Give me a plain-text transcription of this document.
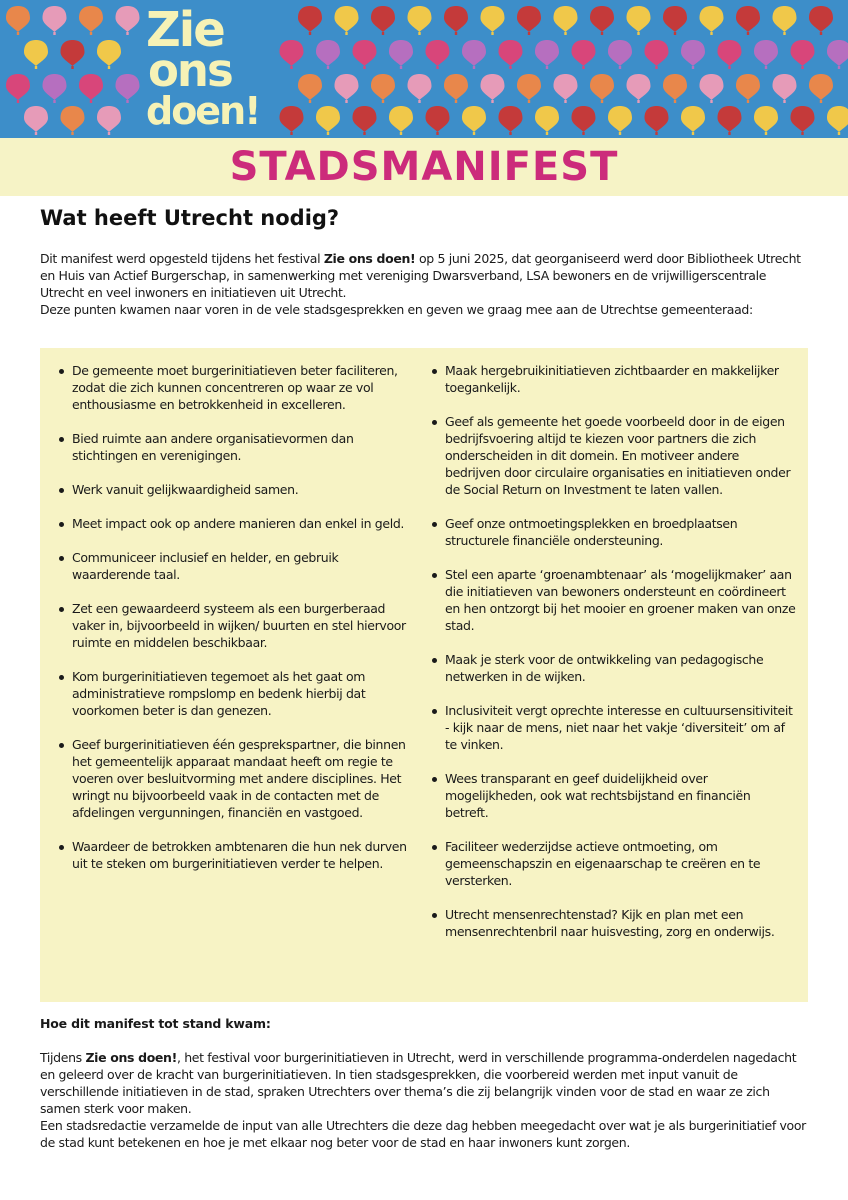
Zie
ons
doen!
STADSMANIFEST
Wat heeft Utrecht nodig?

Dit manifest werd opgesteld tijdens het festival Zie ons doen! op 5 juni 2025, dat georganiseerd werd door Bibliotheek Utrecht en Huis van Actief Burgerschap, in samenwerking met vereniging Dwarsverband, LSA bewoners en de vrijwilligerscentrale Utrecht en veel inwoners en initiatieven uit Utrecht.

Deze punten kwamen naar voren in de vele stadsgesprekken en geven we graag mee aan de Utrechtse gemeenteraad:

De gemeente moet burgerinitiatieven beter faciliteren, zodat die zich kunnen concentreren op waar ze vol enthousiasme en betrokkenheid in excelleren.
Bied ruimte aan andere organisatievormen dan stichtingen en verenigingen.
Werk vanuit gelijkwaardigheid samen.
Meet impact ook op andere manieren dan enkel in geld.
Communiceer inclusief en helder, en gebruik waarderende taal.
Zet een gewaardeerd systeem als een burgerberaad vaker in, bijvoorbeeld in wijken/ buurten en stel hiervoor ruimte en middelen beschikbaar.
Kom burgerinitiatieven tegemoet als het gaat om administratieve rompslomp en bedenk hierbij dat voorkomen beter is dan genezen.
Geef burgerinitiatieven één gesprekspartner, die binnen het gemeentelijk apparaat mandaat heeft om regie te voeren over besluitvorming met andere disciplines. Het wringt nu bijvoorbeeld vaak in de contacten met de afdelingen vergunningen, financiën en vastgoed.
Waardeer de betrokken ambtenaren die hun nek durven uit te steken om burgerinitiatieven verder te helpen.
Maak hergebruikinitiatieven zichtbaarder en makkelijker toegankelijk.
Geef als gemeente het goede voorbeeld door in de eigen bedrijfsvoering altijd te kiezen voor partners die zich onderscheiden in dit domein. En motiveer andere bedrijven door circulaire organisaties en initiatieven onder de Social Return on Investment te laten vallen.
Geef onze ontmoetingsplekken en broedplaatsen structurele financiële ondersteuning.
Stel een aparte ‘groenambtenaar’ als ‘mogelijkmaker’ aan die initiatieven van bewoners ondersteunt en coördineert en hen ontzorgt bij het mooier en groener maken van onze stad.
Maak je sterk voor de ontwikkeling van pedagogische netwerken in de wijken.
Inclusiviteit vergt oprechte interesse en cultuursensitiviteit - kijk naar de mens, niet naar het vakje ‘diversiteit’ om af te vinken.
Wees transparant en geef duidelijkheid over mogelijkheden, ook wat rechtsbijstand en financiën betreft.
Faciliteer wederzijdse actieve ontmoeting, om gemeenschapszin en eigenaarschap te creëren en te versterken.
Utrecht mensenrechtenstad? Kijk en plan met een mensenrechtenbril naar huisvesting, zorg en onderwijs.
Hoe dit manifest tot stand kwam:

Tijdens Zie ons doen!, het festival voor burgerinitiatieven in Utrecht, werd in verschillende programma-onderdelen nagedacht en geleerd over de kracht van burgerinitiatieven. In tien stadsgesprekken, die voorbereid werden met input vanuit de verschillende initiatieven in de stad, spraken Utrechters over thema’s die zij belangrijk vinden voor de stad en waar ze zich samen sterk voor maken.

Een stadsredactie verzamelde de input van alle Utrechters die deze dag hebben meegedacht over wat je als burgerinitiatief voor de stad kunt betekenen en hoe je met elkaar nog beter voor de stad en haar inwoners kunt zorgen.
